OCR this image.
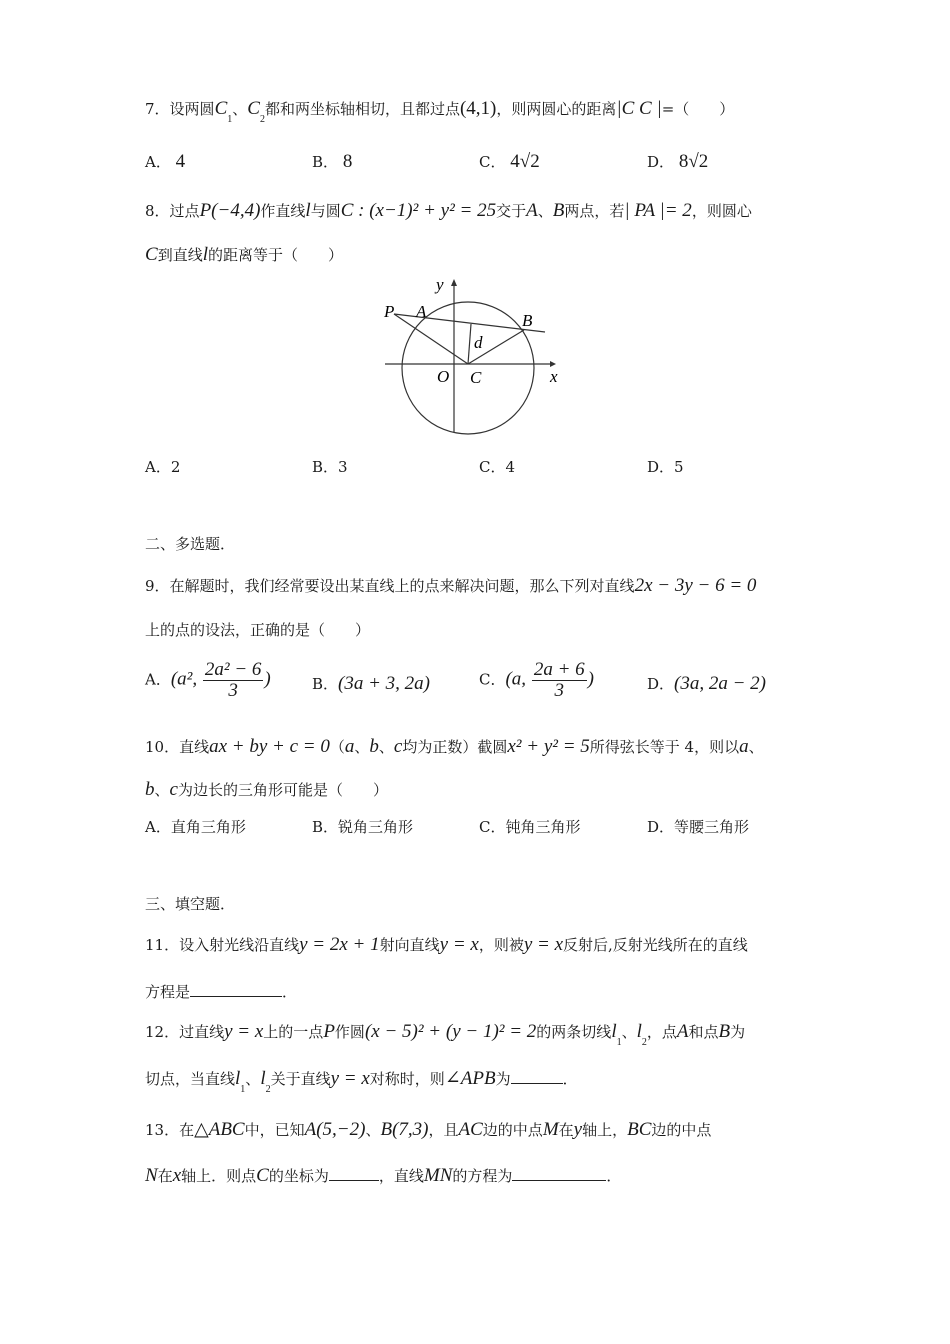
7．设两圆$C_1$、$C_2$都和两坐标轴相切，且都过点(4,1)，则两圆心的距离|C C |=（　　）
A． 4	B． 8	C． 4√2	D． 8√2
8．过点P(−4,4)作直线l与圆C : (x−1)² + y² = 25交于A、B两点，若| PA |= 2，则圆心
C到直线l的距离等于（　　）
y
x
P A	B
d
O C
A．2	B．3	C．4	D．5
二、多选题．
9．在解题时，我们经常要设出某直线上的点来解决问题，那么下列对直线2x − 3y − 6 = 0
上的点的设法，正确的是（　　）
A．(a², $\frac{\text{2a² − 6}}{3}$ )	B．(3a + 3, 2a)	C．(a, $\frac{2a + 6}{3}$ )	D．(3a, 2a − 2)
10．直线ax + by + c = 0（a、b、c均为正数）截圆x² + y² = 5所得弦长等于 4，则以a、
b、c为边长的三角形可能是（　　）
A．直角三角形	B．锐角三角形	C．钝角三角形	D．等腰三角形
三、填空题．
11．设入射光线沿直线y = 2x + 1射向直线y = x，则被y = x反射后,反射光线所在的直线
方程是	．
12．过直线y = x上的一点P作圆(x − 5)² + (y − 1)² = 2的两条切线$l_1$、$l_2$，点A和点B为
切点，当直线$l_1$、$l_2$关于直线y = x对称时，则∠APB为	．
13．在△ABC中，已知A(5,−2)、B(7,3)，且AC边的中点M在y轴上，BC边的中点
N在x轴上．则点C的坐标为	，直线MN的方程为	．
